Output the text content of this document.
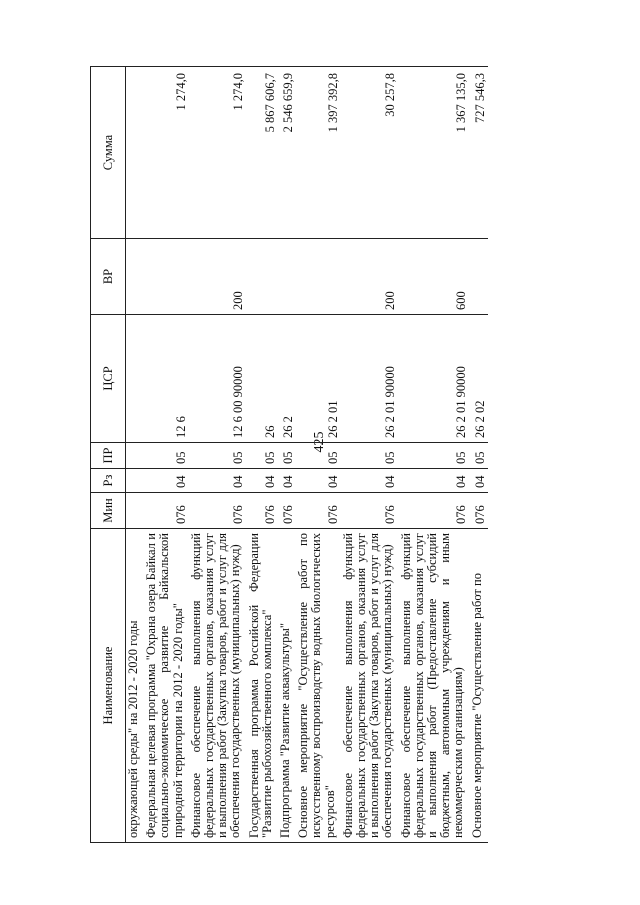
425
Наименование	Мин	Рз	ПР	ЦСР	ВР	Сумма
окружающей среды" на 2012 - 2020 годы						
Федеральная целевая программа "Охрана озера Байкал и социально-экономическое развитие Байкальской природной территории на 2012 - 2020 годы"	076	04	05	12 6		1 274,0
Финансовое обеспечение выполнения функций федеральных государственных органов, оказания услуг и выполнения работ (Закупка товаров, работ и услуг для обеспечения государственных (муниципальных) нужд)	076	04	05	12 6 00 90000	200	1 274,0
Государственная программа Российской Федерации "Развитие рыбохозяйственного комплекса"	076	04	05	26		5 867 606,7
Подпрограмма "Развитие аквакультуры"	076	04	05	26 2		2 546 659,9
Основное мероприятие "Осуществление работ по искусственному воспроизводству водных биологических ресурсов"	076	04	05	26 2 01		1 397 392,8
Финансовое обеспечение выполнения функций федеральных государственных органов, оказания услуг и выполнения работ (Закупка товаров, работ и услуг для обеспечения государственных (муниципальных) нужд)	076	04	05	26 2 01 90000	200	30 257,8
Финансовое обеспечение выполнения функций федеральных государственных органов, оказания услуг и выполнения работ (Предоставление субсидий бюджетным, автономным учреждениям и иным некоммерческим организациям)	076	04	05	26 2 01 90000	600	1 367 135,0
Основное мероприятие "Осуществление работ по	076	04	05	26 2 02		727 546,3
